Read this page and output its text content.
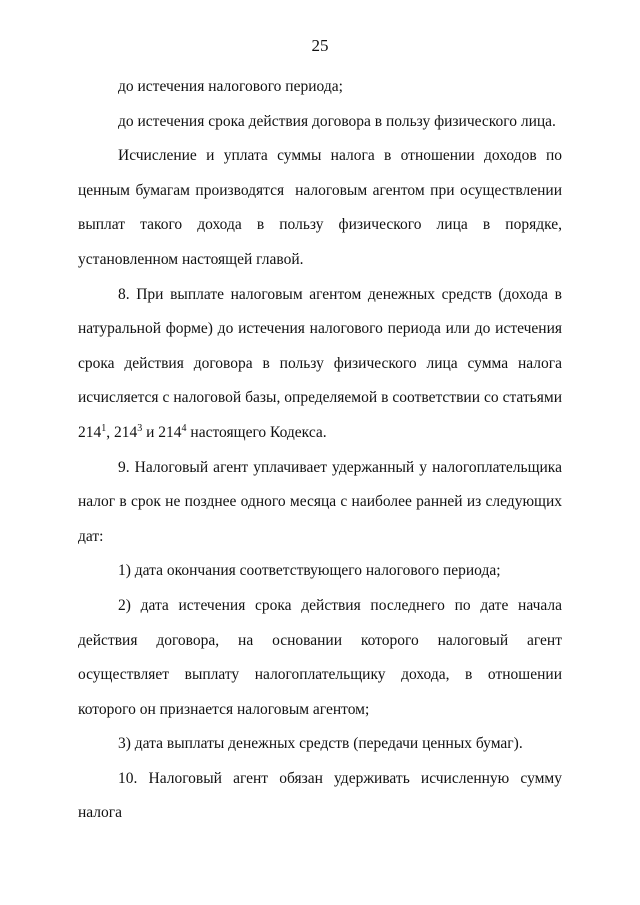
25

до истечения налогового периода;

до истечения срока действия договора в пользу физического лица.

Исчисление и уплата суммы налога в отношении доходов по ценным бумагам производятся  налоговым агентом при осуществлении выплат такого дохода в пользу физического лица в порядке, установленном настоящей главой.

8. При выплате налоговым агентом денежных средств (дохода в натуральной форме) до истечения налогового периода или до истечения срока действия договора в пользу физического лица сумма налога исчисляется с налоговой базы, определяемой в соответствии со статьями $214^1$, $214^3$ и $214^4$ настоящего Кодекса.

9. Налоговый агент уплачивает удержанный у налогоплательщика налог в срок не позднее одного месяца с наиболее ранней из следующих дат:

1) дата окончания соответствующего налогового периода;

2) дата истечения срока действия последнего по дате начала действия договора, на основании которого налоговый агент осуществляет выплату налогоплательщику дохода, в отношении которого он признается налоговым агентом;

3) дата выплаты денежных средств (передачи ценных бумаг).

10. Налоговый агент обязан удерживать исчисленную сумму налога
